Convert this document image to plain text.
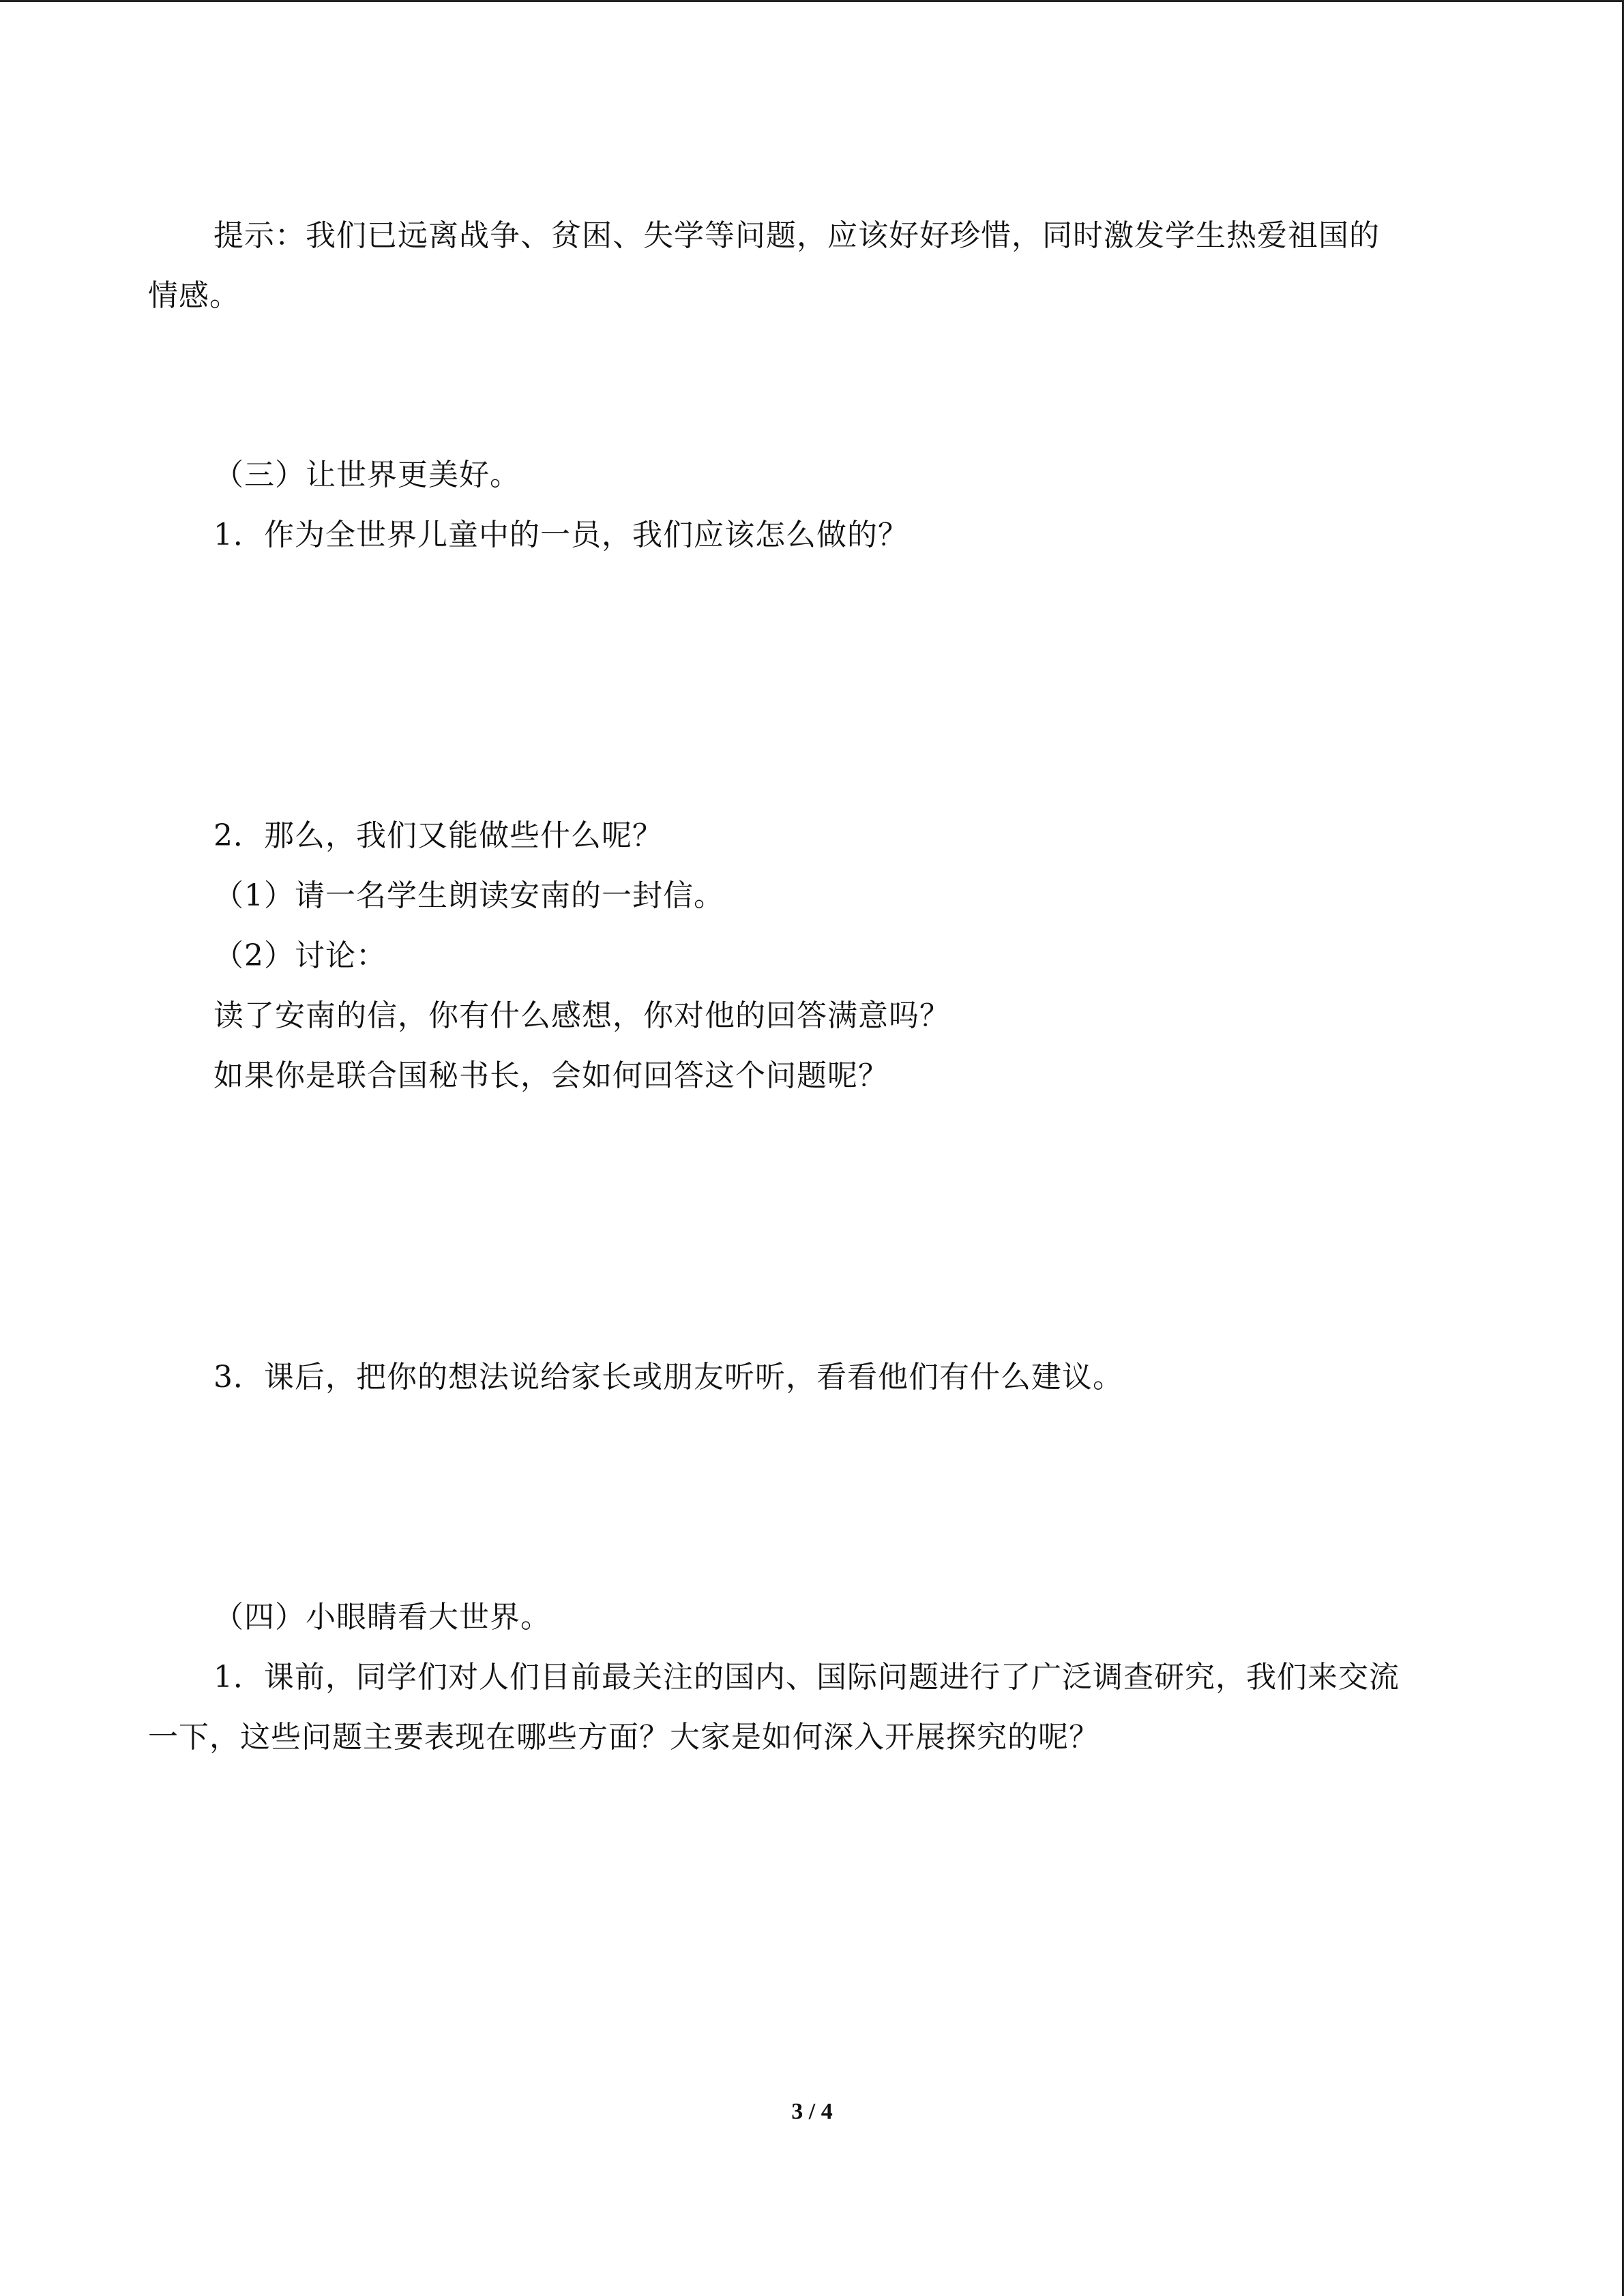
提示：我们已远离战争、贫困、失学等问题，应该好好珍惜，同时激发学生热爱祖国的
情感。
（三）让世界更美好。
1．作为全世界儿童中的一员，我们应该怎么做的？
2．那么，我们又能做些什么呢？
（1）请一名学生朗读安南的一封信。
（2）讨论：
读了安南的信，你有什么感想，你对他的回答满意吗？
如果你是联合国秘书长，会如何回答这个问题呢？
3．课后，把你的想法说给家长或朋友听听，看看他们有什么建议。
（四）小眼睛看大世界。
1．课前，同学们对人们目前最关注的国内、国际问题进行了广泛调查研究，我们来交流
一下，这些问题主要表现在哪些方面？大家是如何深入开展探究的呢？
3 / 4
